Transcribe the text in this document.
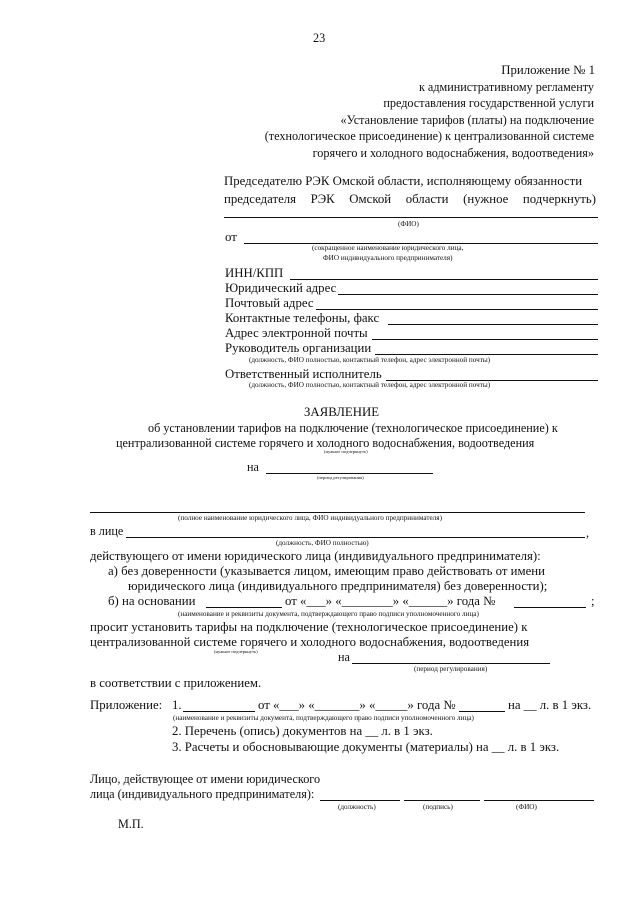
23
Приложение № 1
к административному регламенту
предоставления государственной услуги
«Установление тарифов (платы) на подключение
(технологическое присоединение) к централизованной системе
горячего и холодного водоснабжения, водоотведения»
Председателю РЭК Омской области, исполняющему обязанности
председателя РЭК Омской области (нужное подчеркнуть)
(ФИО)
от
(сокращенное наименование юридического лица,
ФИО индивидуального предпринимателя)
ИНН/КПП
Юридический адрес
Почтовый адрес
Контактные телефоны, факс
Адрес электронной почты
Руководитель организации
(должность, ФИО полностью, контактный телефон, адрес электронной почты)
Ответственный исполнитель
(должность, ФИО полностью, контактный телефон, адрес электронной почты)
ЗАЯВЛЕНИЕ
об установлении тарифов на подключение (технологическое присоединение) к
централизованной системе горячего и холодного водоснабжения, водоотведения
(нужное подчеркнуть)
на
(период регулирования)
(полное наименование юридического лица, ФИО индивидуального предпринимателя)
в лице	,
(должность, ФИО полностью)
действующего от имени юридического лица (индивидуального предпринимателя):
а) без доверенности (указывается лицом, имеющим право действовать от имени
юридического лица (индивидуального предпринимателя) без доверенности);
б) на основании	от «___» «________» «______» года №	;
(наименование и реквизиты документа, подтверждающего право подписи уполномоченного лица)
просит установить тарифы на подключение (технологическое присоединение) к
централизованной системе горячего и холодного водоснабжения, водоотведения
(нужное подчеркнуть)	на
(период регулирования)
в соответствии с приложением.
Приложение: 1.	от «___» «_______» «_____» года №	на __ л. в 1 экз.
(наименование и реквизиты документа, подтверждающего право подписи уполномоченного лица)
2. Перечень (опись) документов на __ л. в 1 экз.
3. Расчеты и обосновывающие документы (материалы) на __ л. в 1 экз.
Лицо, действующее от имени юридического
лица (индивидуального предпринимателя):
(должность)	(подпись)	(ФИО)
М.П.
